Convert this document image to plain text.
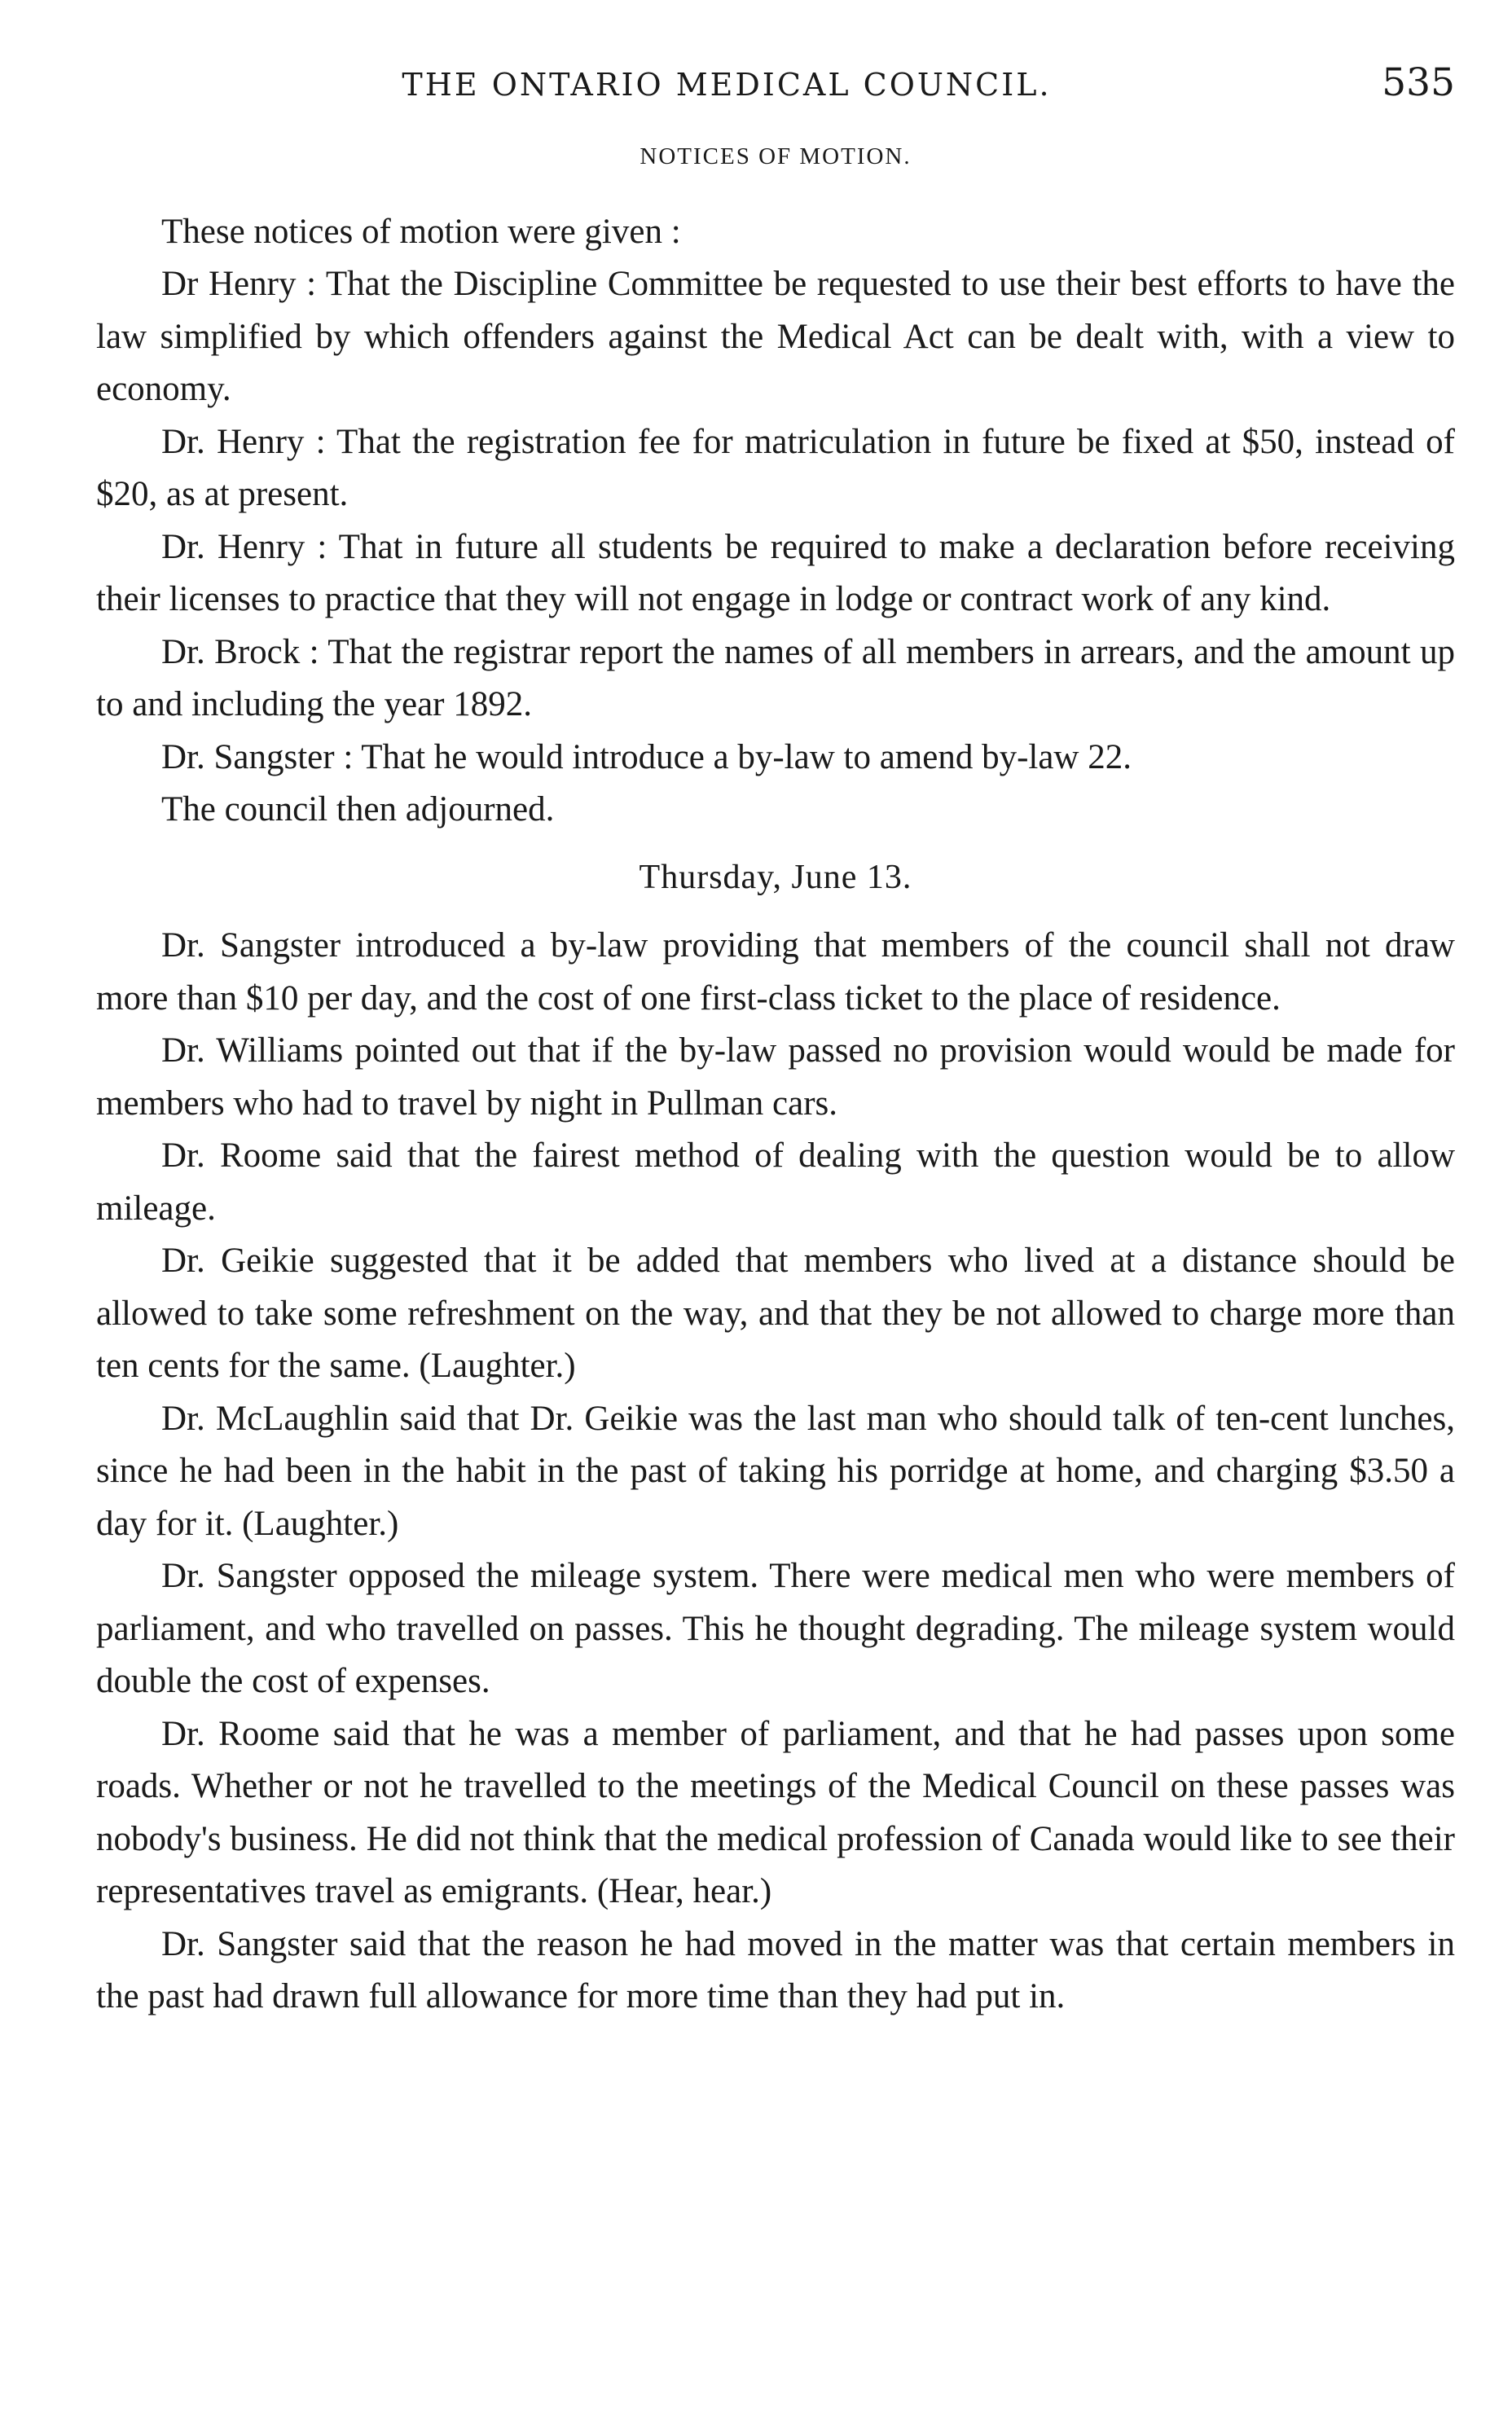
THE ONTARIO MEDICAL COUNCIL.	535
NOTICES OF MOTION.

These notices of motion were given :

Dr Henry : That the Discipline Committee be requested to use their best efforts to have the law simplified by which offenders against the Medical Act can be dealt with, with a view to economy.

Dr. Henry : That the registration fee for matriculation in future be fixed at $50, instead of $20, as at present.

Dr. Henry : That in future all students be required to make a declaration before receiving their licenses to practice that they will not engage in lodge or contract work of any kind.

Dr. Brock : That the registrar report the names of all members in arrears, and the amount up to and including the year 1892.

Dr. Sangster : That he would introduce a by-law to amend by-law 22.

The council then adjourned.

Thursday, June 13.

Dr. Sangster introduced a by-law providing that members of the council shall not draw more than $10 per day, and the cost of one first-class ticket to the place of residence.

Dr. Williams pointed out that if the by-law passed no provision would would be made for members who had to travel by night in Pullman cars.

Dr. Roome said that the fairest method of dealing with the question would be to allow mileage.

Dr. Geikie suggested that it be added that members who lived at a distance should be allowed to take some refreshment on the way, and that they be not allowed to charge more than ten cents for the same. (Laughter.)

Dr. McLaughlin said that Dr. Geikie was the last man who should talk of ten-cent lunches, since he had been in the habit in the past of taking his porridge at home, and charging $3.50 a day for it. (Laughter.)

Dr. Sangster opposed the mileage system. There were medical men who were members of parliament, and who travelled on passes. This he thought degrading. The mileage system would double the cost of expenses.

Dr. Roome said that he was a member of parliament, and that he had passes upon some roads. Whether or not he travelled to the meetings of the Medical Council on these passes was nobody's business. He did not think that the medical profession of Canada would like to see their representatives travel as emigrants. (Hear, hear.)

Dr. Sangster said that the reason he had moved in the matter was that certain members in the past had drawn full allowance for more time than they had put in.
